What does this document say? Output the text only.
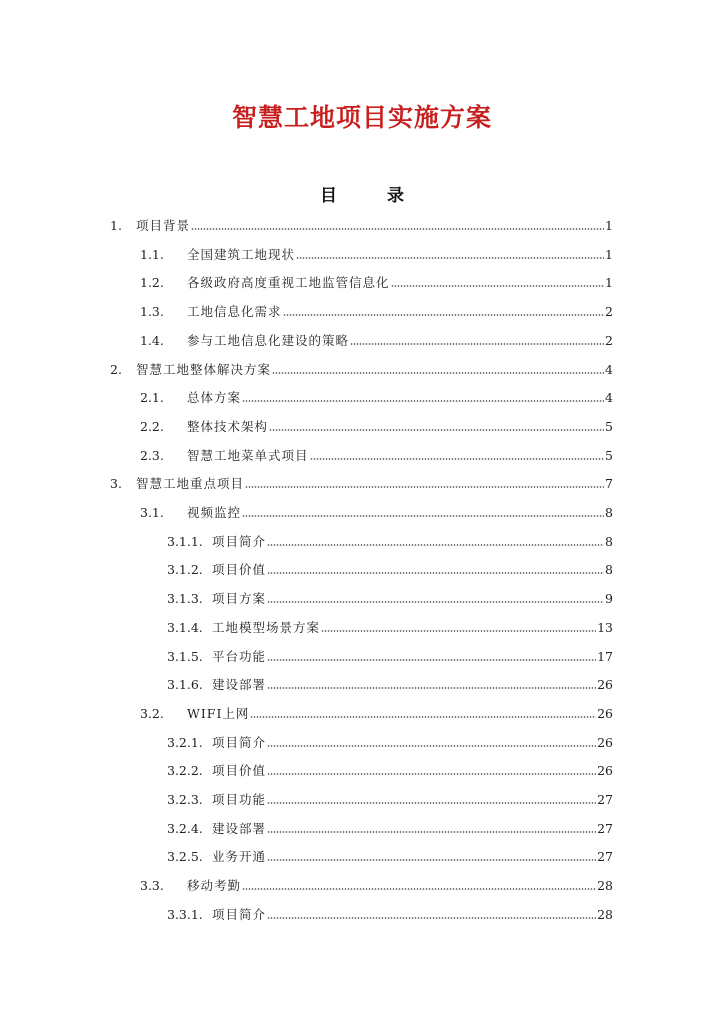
智慧工地项目实施方案
目 录
1.	项目背景	1
1.1.	全国建筑工地现状	1
1.2.	各级政府高度重视工地监管信息化	1
1.3.	工地信息化需求	2
1.4.	参与工地信息化建设的策略	2
2.	智慧工地整体解决方案	4
2.1.	总体方案	4
2.2.	整体技术架构	5
2.3.	智慧工地菜单式项目	5
3.	智慧工地重点项目	7
3.1.	视频监控	8
3.1.1. 项目简介	8
3.1.2. 项目价值	8
3.1.3. 项目方案	9
3.1.4. 工地模型场景方案	13
3.1.5. 平台功能	17
3.1.6. 建设部署	26
3.2.	WIFI上网	26
3.2.1. 项目简介	26
3.2.2. 项目价值	26
3.2.3. 项目功能	27
3.2.4. 建设部署	27
3.2.5. 业务开通	27
3.3.	移动考勤	28
3.3.1. 项目简介	28
